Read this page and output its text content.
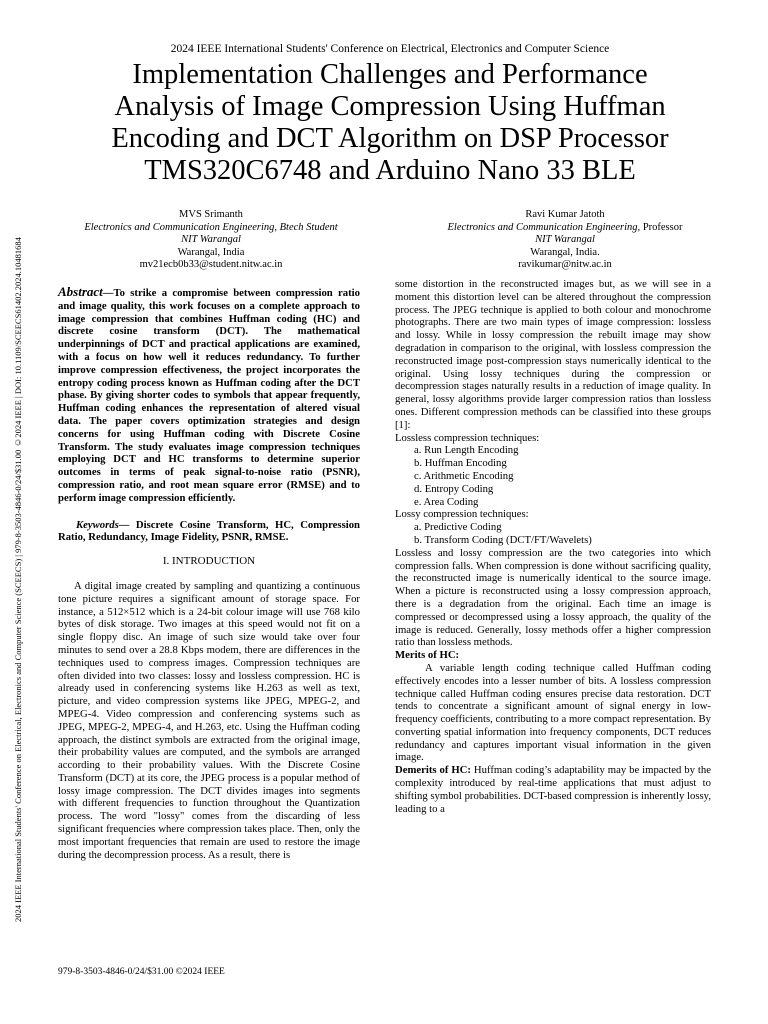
2024 IEEE International Students' Conference on Electrical, Electronics and Computer Science (SCEECS) | 979-8-3503-4846-0/24/$31.00 ©2024 IEEE | DOI: 10.1109/SCEECS61402.2024.10481684
2024 IEEE International Students' Conference on Electrical, Electronics and Computer Science
Implementation Challenges and Performance
Analysis of Image Compression Using Huffman
Encoding and DCT Algorithm on DSP Processor
TMS320C6748 and Arduino Nano 33 BLE
MVS Srimanth
Electronics and Communication Engineering, Btech Student
NIT Warangal
Warangal, India
mv21ecb0b33@student.nitw.ac.in
Ravi Kumar Jatoth
Electronics and Communication Engineering, Professor
NIT Warangal
Warangal, India.
ravikumar@nitw.ac.in

Abstract—To strike a compromise between compression ratio and image quality, this work focuses on a complete approach to image compression that combines Huffman coding (HC) and discrete cosine transform (DCT). The mathematical underpinnings of DCT and practical applications are examined, with a focus on how well it reduces redundancy. To further improve compression effectiveness, the project incorporates the entropy coding process known as Huffman coding after the DCT phase. By giving shorter codes to symbols that appear frequently, Huffman coding enhances the representation of altered visual data. The paper covers optimization strategies and design concerns for using Huffman coding with Discrete Cosine Transform. The study evaluates image compression techniques employing DCT and HC transforms to determine superior outcomes in terms of peak signal-to-noise ratio (PSNR), compression ratio, and root mean square error (RMSE) and to perform image compression efficiently.

Keywords— Discrete Cosine Transform, HC, Compression Ratio, Redundancy, Image Fidelity, PSNR, RMSE.

I. INTRODUCTION

A digital image created by sampling and quantizing a continuous tone picture requires a significant amount of storage space. For instance, a 512×512 which is a 24-bit colour image will use 768 kilo bytes of disk storage. Two images at this speed would not fit on a single floppy disc. An image of such size would take over four minutes to send over a 28.8 Kbps modem, there are differences in the techniques used to compress images. Compression techniques are often divided into two classes: lossy and lossless compression. HC is already used in conferencing systems like H.263 as well as text, picture, and video compression systems like JPEG, MPEG-2, and MPEG-4. Video compression and conferencing systems such as JPEG, MPEG-2, MPEG-4, and H.263, etc. Using the Huffman coding approach, the distinct symbols are extracted from the original image, their probability values are computed, and the symbols are arranged according to their probability values. With the Discrete Cosine Transform (DCT) at its core, the JPEG process is a popular method of lossy image compression. The DCT divides images into segments with different frequencies to function throughout the Quantization process. The word "lossy" comes from the discarding of less significant frequencies where compression takes place. Then, only the most important frequencies that remain are used to restore the image during the decompression process. As a result, there is

some distortion in the reconstructed images but, as we will see in a moment this distortion level can be altered throughout the compression process. The JPEG technique is applied to both colour and monochrome photographs. There are two main types of image compression: lossless and lossy. While in lossy compression the rebuilt image may show degradation in comparison to the original, with lossless compression the reconstructed image post-compression stays numerically identical to the original. Using lossy techniques during the compression or decompression stages naturally results in a reduction of image quality. In general, lossy algorithms provide larger compression ratios than lossless ones. Different compression methods can be classified into these groups [1]:

Lossless compression techniques:

a. Run Length Encoding
b. Huffman Encoding
c. Arithmetic Encoding
d. Entropy Coding
e. Area Coding

Lossy compression techniques:

a. Predictive Coding
b. Transform Coding (DCT/FT/Wavelets)

Lossless and lossy compression are the two categories into which compression falls. When compression is done without sacrificing quality, the reconstructed image is numerically identical to the source image. When a picture is reconstructed using a lossy compression approach, there is a degradation from the original. Each time an image is compressed or decompressed using a lossy approach, the quality of the image is reduced. Generally, lossy methods offer a higher compression ratio than lossless methods.

Merits of HC:

A variable length coding technique called Huffman coding effectively encodes into a lesser number of bits. A lossless compression technique called Huffman coding ensures precise data restoration. DCT tends to concentrate a significant amount of signal energy in low-frequency coefficients, contributing to a more compact representation. By converting spatial information into frequency components, DCT reduces redundancy and captures important visual information in the given image.

Demerits of HC: Huffman coding’s adaptability may be impacted by the complexity introduced by real-time applications that must adjust to shifting symbol probabilities. DCT-based compression is inherently lossy, leading to a

979-8-3503-4846-0/24/$31.00 ©2024 IEEE
